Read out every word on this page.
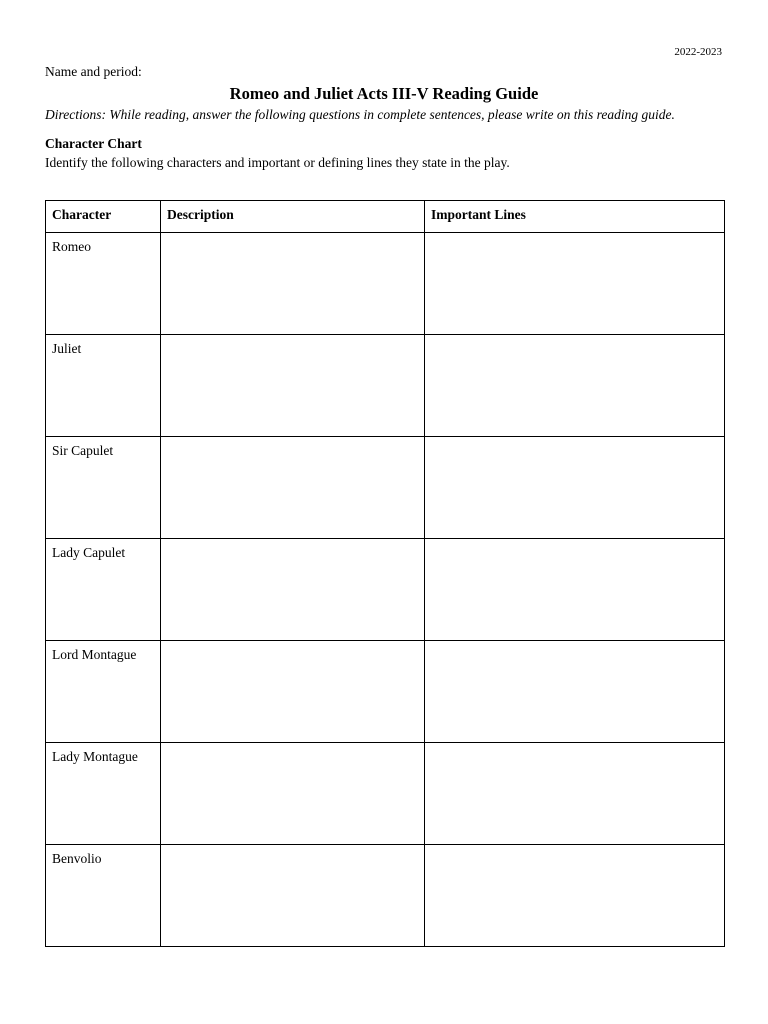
2022-2023
Name and period:
Romeo and Juliet Acts III-V Reading Guide
Directions: While reading, answer the following questions in complete sentences, please write on this reading guide.
Character Chart
Identify the following characters and important or defining lines they state in the play.
Character	Description	Important Lines
Romeo		
Juliet		
Sir Capulet		
Lady Capulet		
Lord Montague		
Lady Montague		
Benvolio		
